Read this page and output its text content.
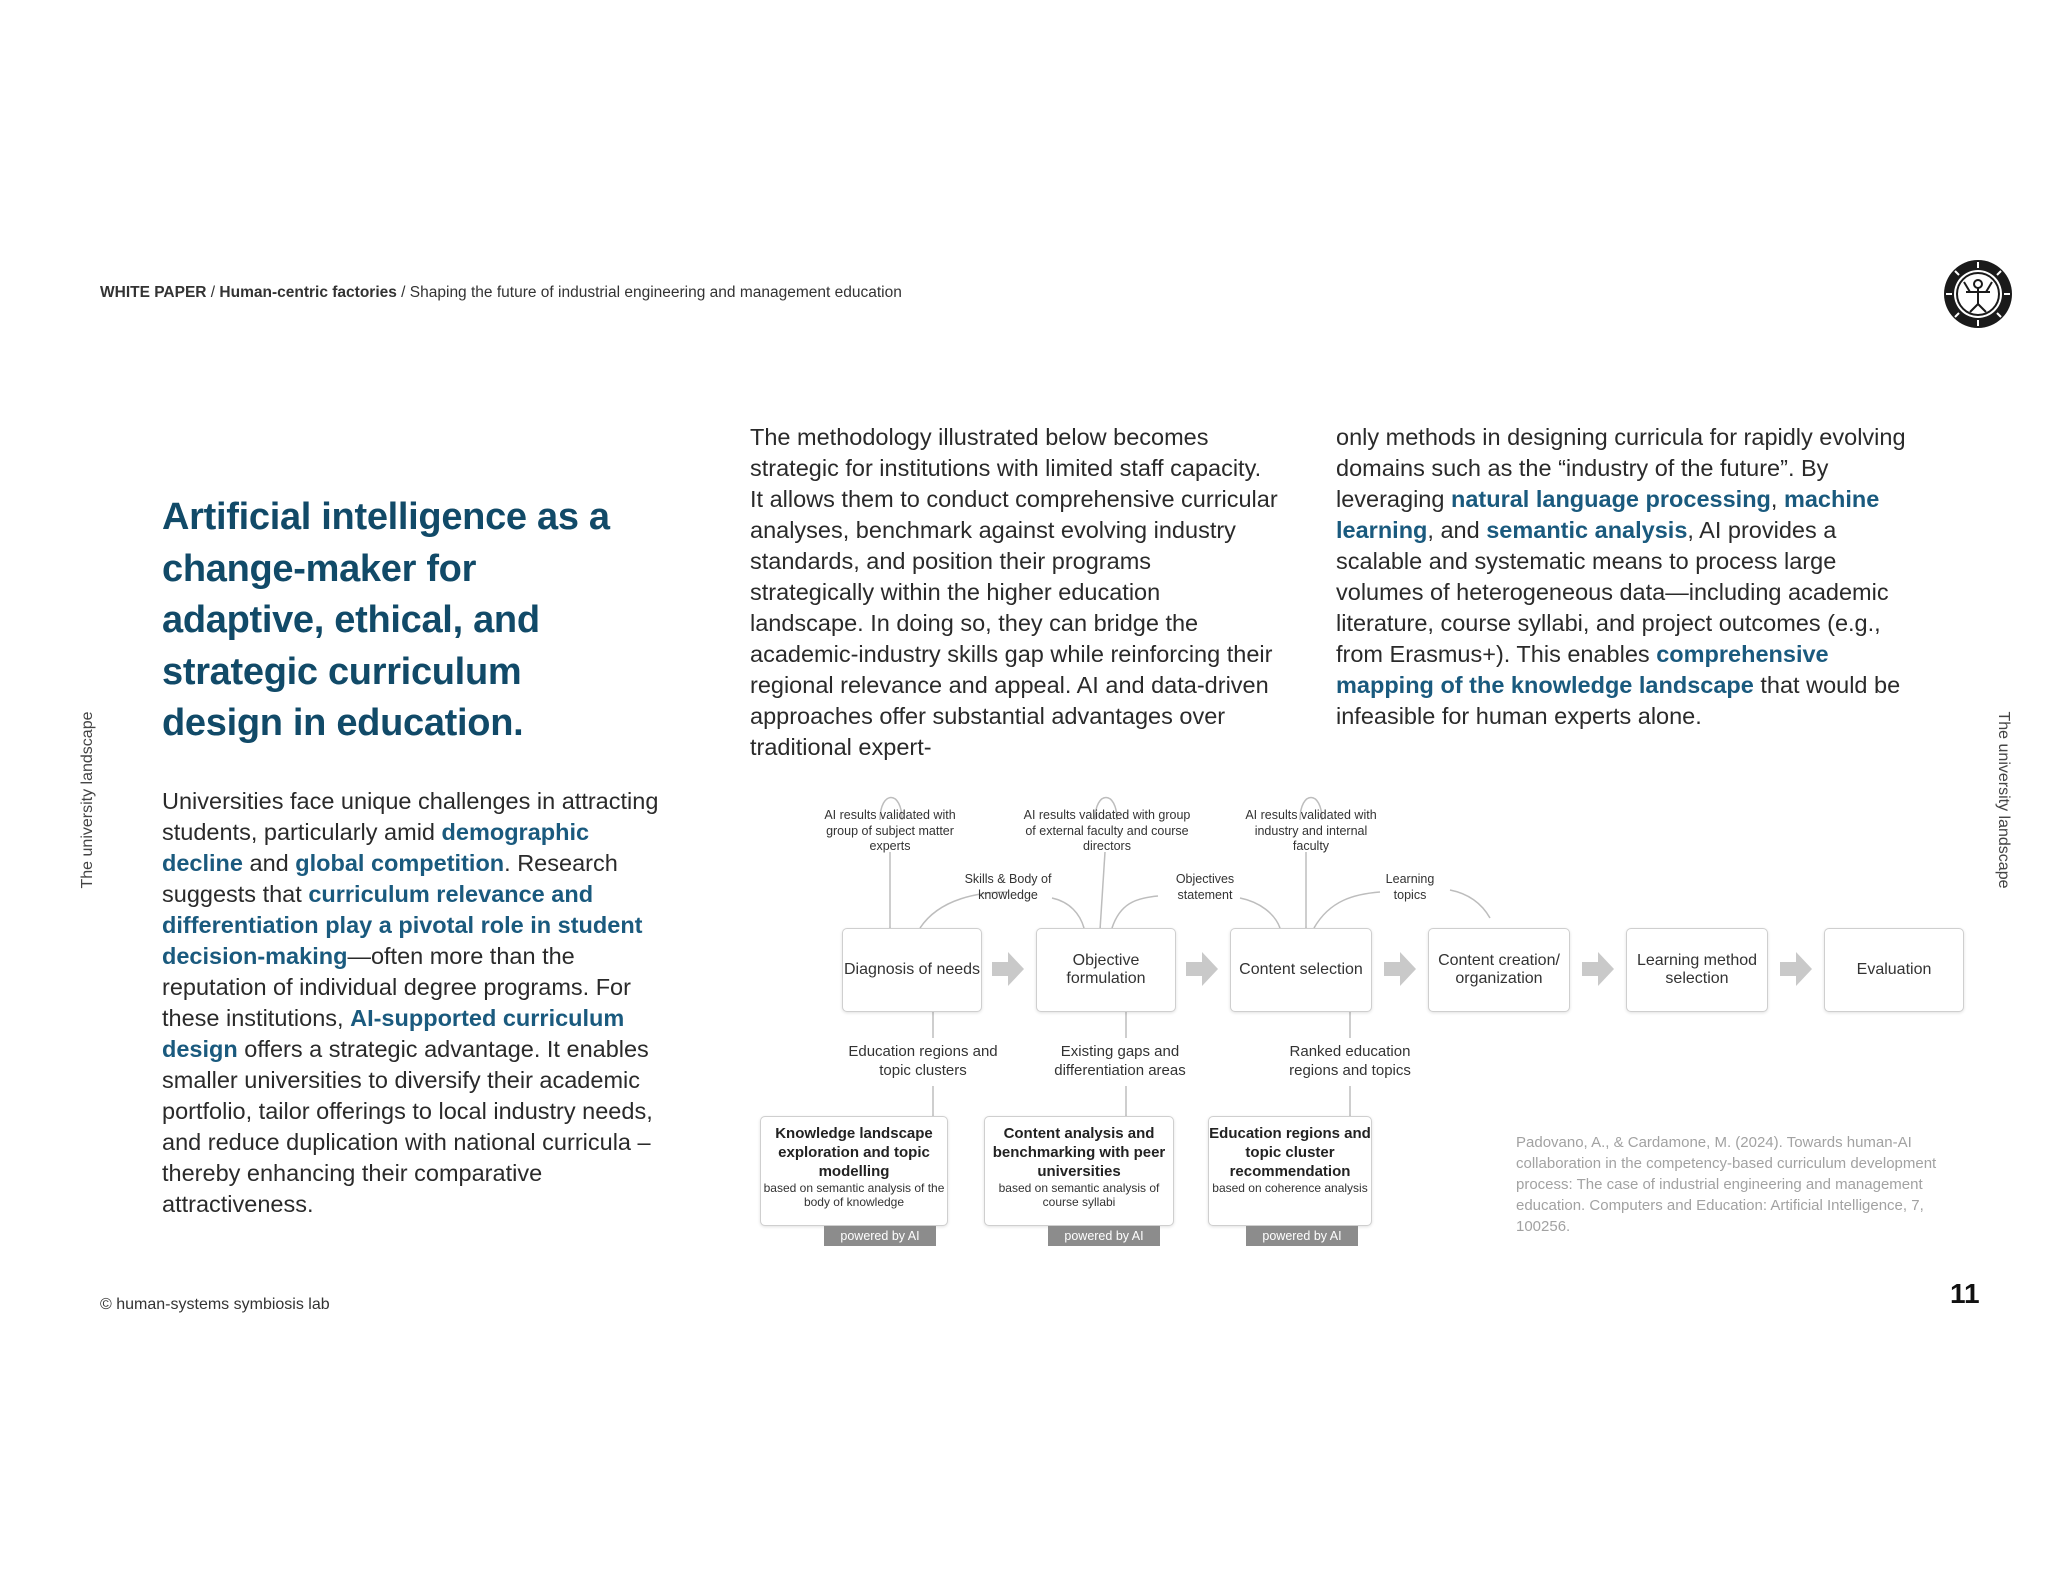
WHITE PAPER / Human-centric factories / Shaping the future of industrial engineering and management education
The university landscape	The university landscape
Artificial intelligence as a change-maker for adaptive, ethical, and strategic curriculum design in education.
Universities face unique challenges in attracting students, particularly amid demographic decline and global competition. Research suggests that curriculum relevance and differentiation play a pivotal role in student decision-making—often more than the reputation of individual degree programs. For these institutions, AI-supported curriculum design offers a strategic advantage. It enables smaller universities to diversify their academic portfolio, tailor offerings to local industry needs, and reduce duplication with national curricula – thereby enhancing their comparative attractiveness.
The methodology illustrated below becomes strategic for institutions with limited staff capacity. It allows them to conduct comprehensive curricular analyses, benchmark against evolving industry standards, and position their programs strategically within the higher education landscape. In doing so, they can bridge the academic-industry skills gap while reinforcing their regional relevance and appeal. AI and data-driven approaches offer substantial advantages over traditional expert-
only methods in designing curricula for rapidly evolving domains such as the “industry of the future”. By leveraging natural language processing, machine learning, and semantic analysis, AI provides a scalable and systematic means to process large volumes of heterogeneous data—including academic literature, course syllabi, and project outcomes (e.g., from Erasmus+). This enables comprehensive mapping of the knowledge landscape that would be infeasible for human experts alone.
AI results validated with group of subject matter experts
AI results validated with group of external faculty and course directors
AI results validated with industry and internal faculty
Skills & Body of knowledge
Objectives statement
Learning topics
Diagnosis of needs
Objective formulation
Content selection
Content creation/ organization
Learning method selection
Evaluation
Education regions and topic clusters
Existing gaps and differentiation areas
Ranked education regions and topics
Knowledge landscape exploration and topic modelling
based on semantic analysis of the body of knowledge
powered by AI
Content analysis and benchmarking with peer universities
based on semantic analysis of course syllabi
powered by AI
Education regions and topic cluster recommendation
based on coherence analysis
powered by AI
Padovano, A., & Cardamone, M. (2024). Towards human-AI collaboration in the competency-based curriculum development process: The case of industrial engineering and management education. Computers and Education: Artificial Intelligence, 7, 100256.
© human-systems symbiosis lab	11
